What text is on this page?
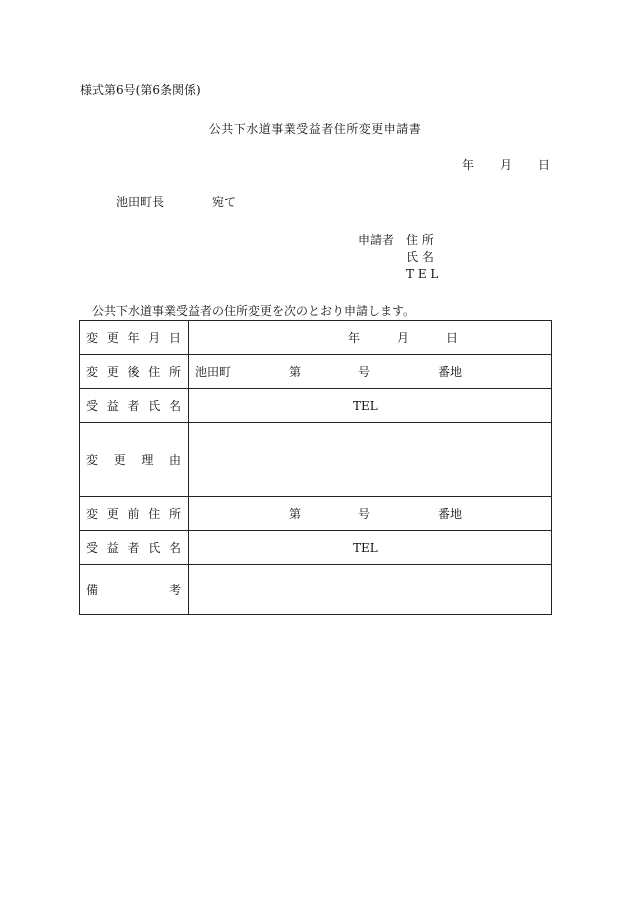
様式第6号(第6条関係)
公共下水道事業受益者住所変更申請書
年 月 日
池田町長	宛て
申請者 住 所
氏 名
T E L
公共下水道事業受益者の住所変更を次のとおり申請します。
変 更 年 月 日	年 月 日

変 更 後 住 所	池田町 第 号 番地

受 益 者 氏 名	TEL

変 更 理 由	

変 更 前 住 所	第 号 番地

受 益 者 氏 名	TEL

備 考	
